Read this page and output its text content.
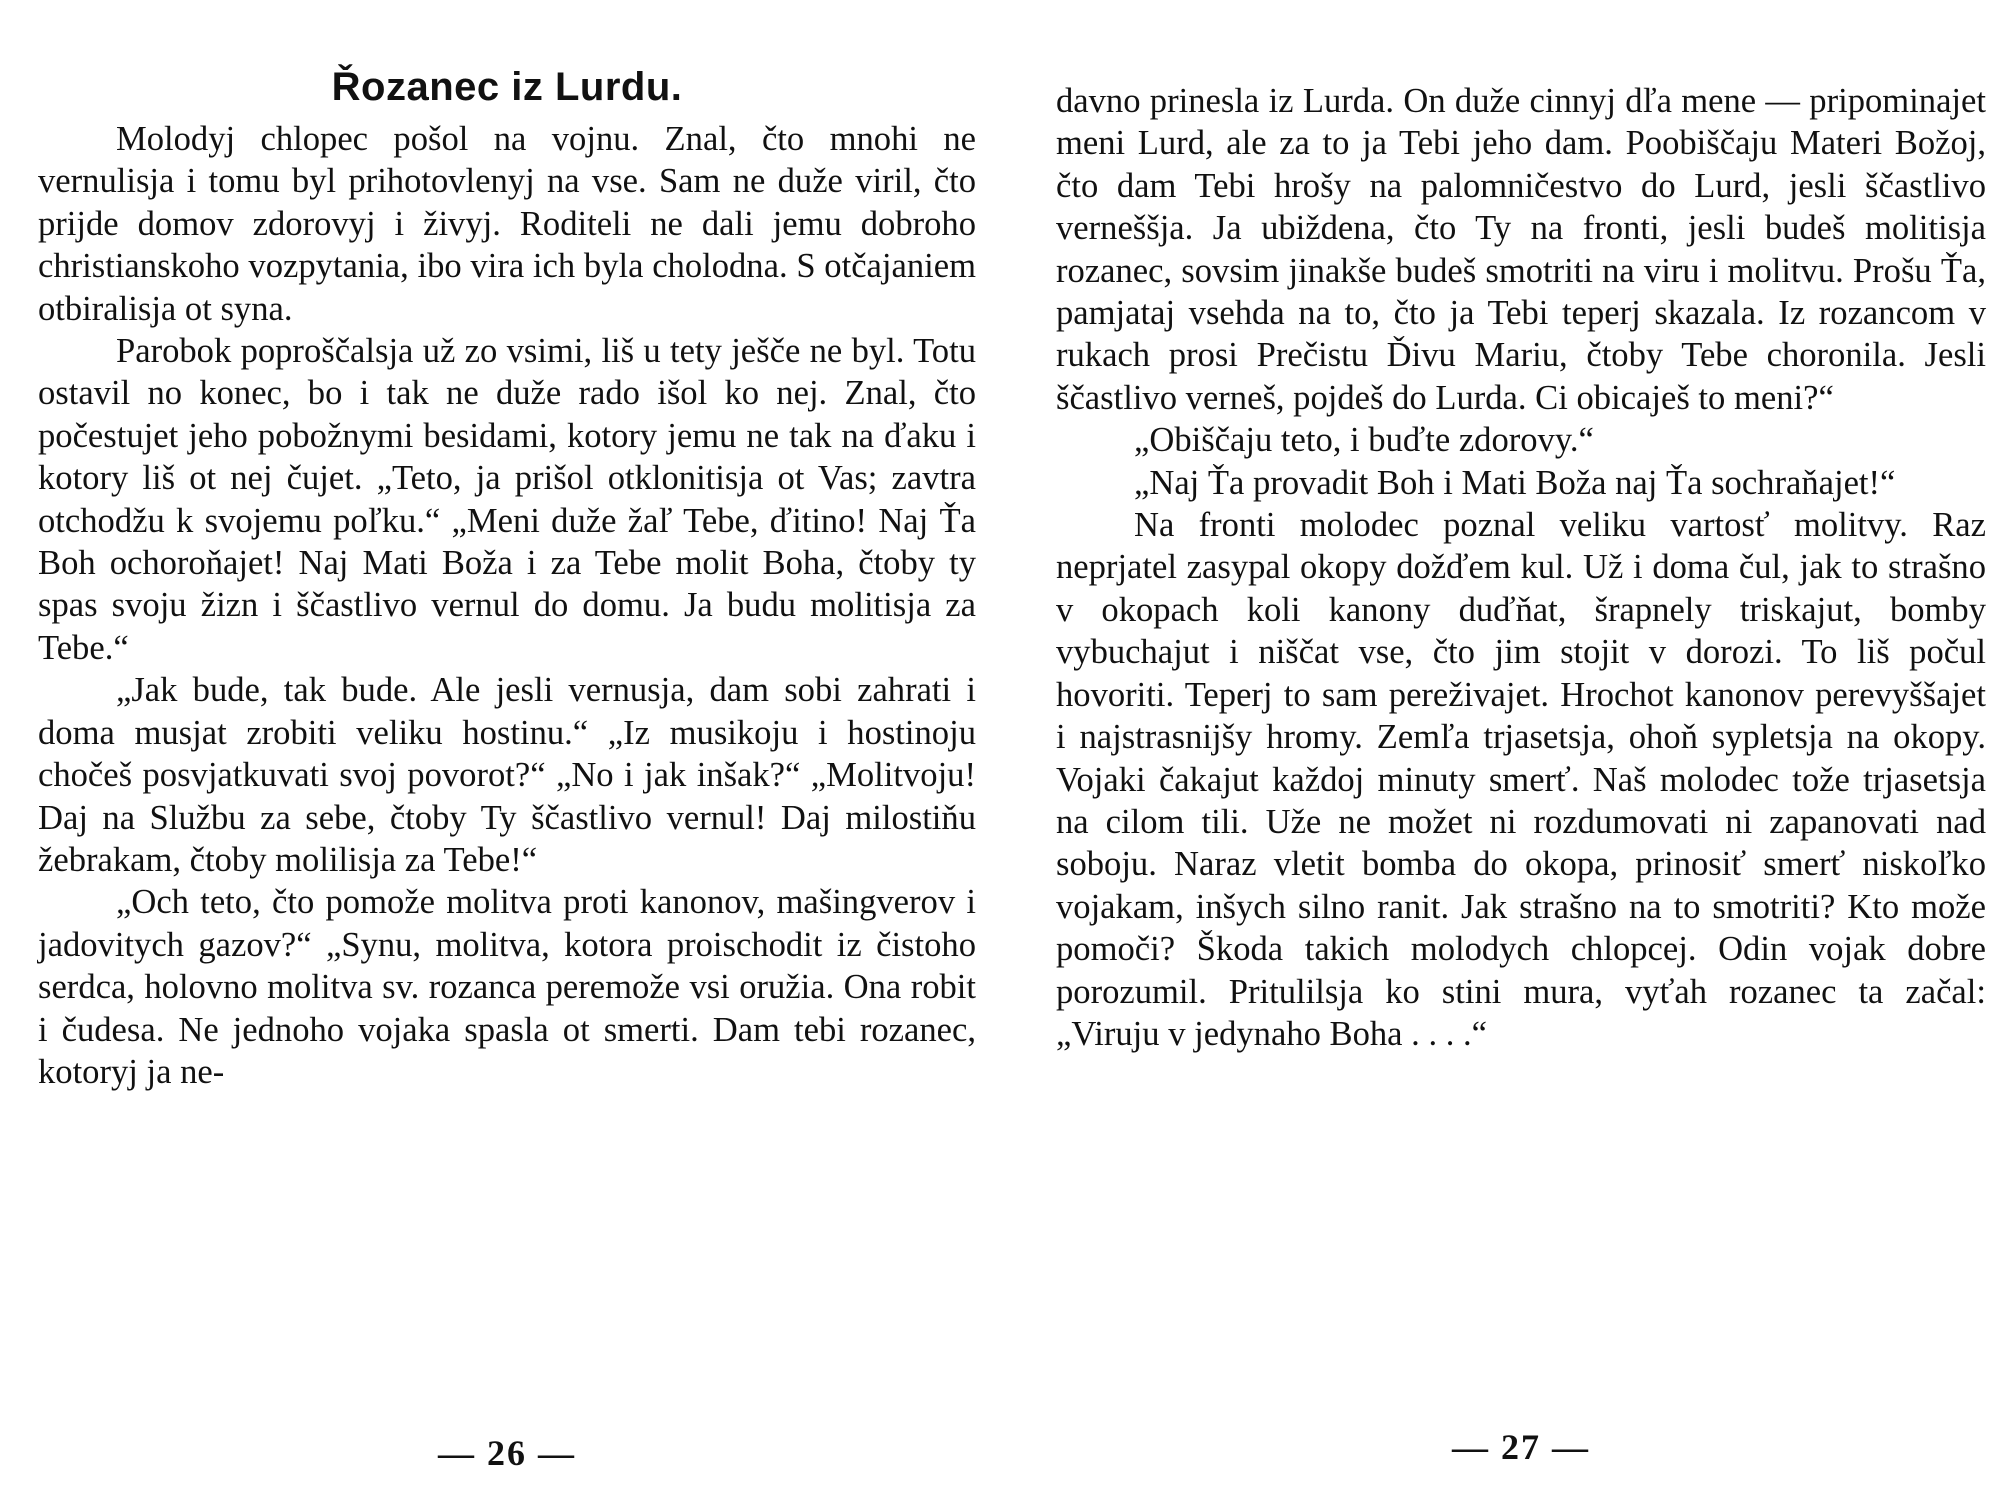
Řozanec iz Lurdu.

Molodyj chlopec pošol na vojnu. Znal, čto mnohi ne vernulisja i tomu byl prihotovlenyj na vse. Sam ne duže viril, čto prijde domov zdorovyj i živyj. Roditeli ne dali jemu dobroho christianskoho vozpytania, ibo vira ich byla cholodna. S otčajaniem otbiralisja ot syna.

Parobok poproščalsja už zo vsimi, liš u tety ješče ne byl. Totu ostavil no konec, bo i tak ne duže rado išol ko nej. Znal, čto počestujet jeho pobožnymi besidami, kotory jemu ne tak na ďaku i kotory liš ot nej čujet. „Teto, ja prišol otklonitisja ot Vas; zavtra otchodžu k svojemu poľku.“ „Meni duže žaľ Tebe, ďitino! Naj Ťa Boh ochoroňajet! Naj Mati Boža i za Tebe molit Boha, čtoby ty spas svoju žizn i ščastlivo vernul do domu. Ja budu molitisja za Tebe.“

„Jak bude, tak bude. Ale jesli vernusja, dam sobi zahrati i doma musjat zrobiti veliku hostinu.“ „Iz musikoju i hostinoju chočeš posvjatkuvati svoj povorot?“ „No i jak inšak?“ „Molitvoju! Daj na Službu za sebe, čtoby Ty ščastlivo vernul! Daj milostiňu žebrakam, čtoby molilisja za Tebe!“

„Och teto, čto pomože molitva proti kanonov, mašingverov i jadovitych gazov?“ „Synu, molitva, kotora proischodit iz čistoho serdca, holovno molitva sv. rozanca peremože vsi oružia. Ona robit i čudesa. Ne jednoho vojaka spasla ot smerti. Dam tebi rozanec, kotoryj ja ne-

— 26 —

davno prinesla iz Lurda. On duže cinnyj dľa mene — pripominajet meni Lurd, ale za to ja Tebi jeho dam. Poobiščaju Materi Božoj, čto dam Tebi hrošy na palomničestvo do Lurd, jesli ščastlivo verneššja. Ja ubiždena, čto Ty na fronti, jesli budeš molitisja rozanec, sovsim jinakše budeš smotriti na viru i molitvu. Prošu Ťa, pamjataj vsehda na to, čto ja Tebi teperj skazala. Iz rozancom v rukach prosi Prečistu Ďivu Mariu, čtoby Tebe choronila. Jesli ščastlivo verneš, pojdeš do Lurda. Ci obicaješ to meni?“

„Obiščaju teto, i buďte zdorovy.“

„Naj Ťa provadit Boh i Mati Boža naj Ťa sochraňajet!“

Na fronti molodec poznal veliku vartosť molitvy. Raz neprjatel zasypal okopy dožďem kul. Už i doma čul, jak to strašno v okopach koli kanony duďňat, šrapnely triskajut, bomby vybuchajut i niščat vse, čto jim stojit v dorozi. To liš počul hovoriti. Teperj to sam pereživajet. Hrochot kanonov perevyššajet i najstrasnijšy hromy. Zemľa trjasetsja, ohoň sypletsja na okopy. Vojaki čakajut každoj minuty smerť. Naš molodec tože trjasetsja na cilom tili. Uže ne možet ni rozdumovati ni zapanovati nad soboju. Naraz vletit bomba do okopa, prinosiť smerť niskoľko vojakam, inšych silno ranit. Jak strašno na to smotriti? Kto može pomoči? Škoda takich molodych chlopcej. Odin vojak dobre porozumil. Pritulilsja ko stini mura, vyťah rozanec ta začal: „Viruju v jedynaho Boha . . . .“

— 27 —
